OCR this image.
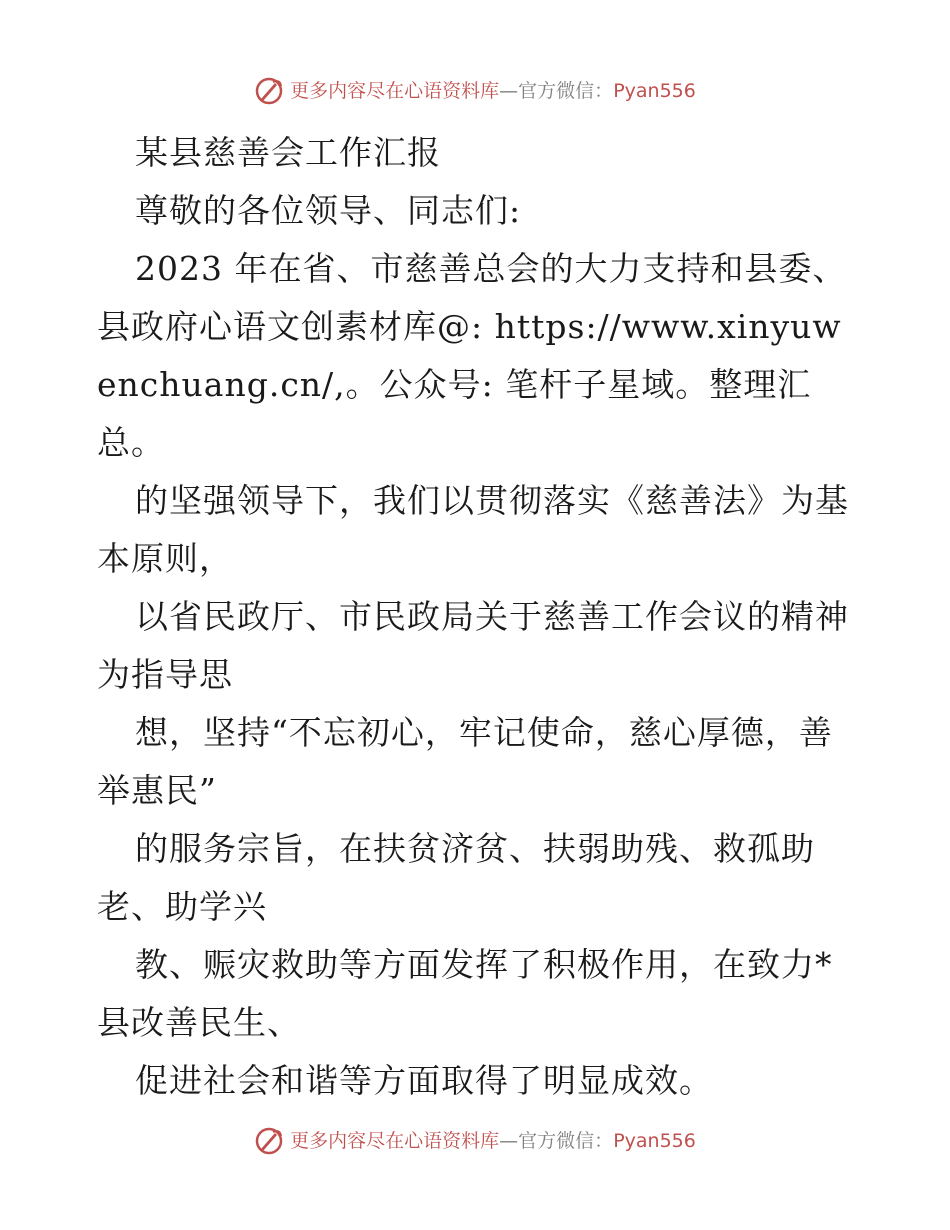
更多内容尽在心语资料库 — 官方微信： Pyan556

某县慈善会工作汇报

尊敬的各位领导、同志们:

2023 年在省、市慈善总会的大力支持和县委、县政府心语文创素材库@: https://www.xinyuwenchuang.cn/,。公众号: 笔杆子星域。整理汇总。

的坚强领导下，我们以贯彻落实《慈善法》为基本原则，

以省民政厅、市民政局关于慈善工作会议的精神为指导思

想，坚持“不忘初心，牢记使命，慈心厚德，善举惠民”

的服务宗旨，在扶贫济贫、扶弱助残、救孤助老、助学兴

教、赈灾救助等方面发挥了积极作用，在致力*县改善民生、

促进社会和谐等方面取得了明显成效。

更多内容尽在心语资料库 — 官方微信： Pyan556
